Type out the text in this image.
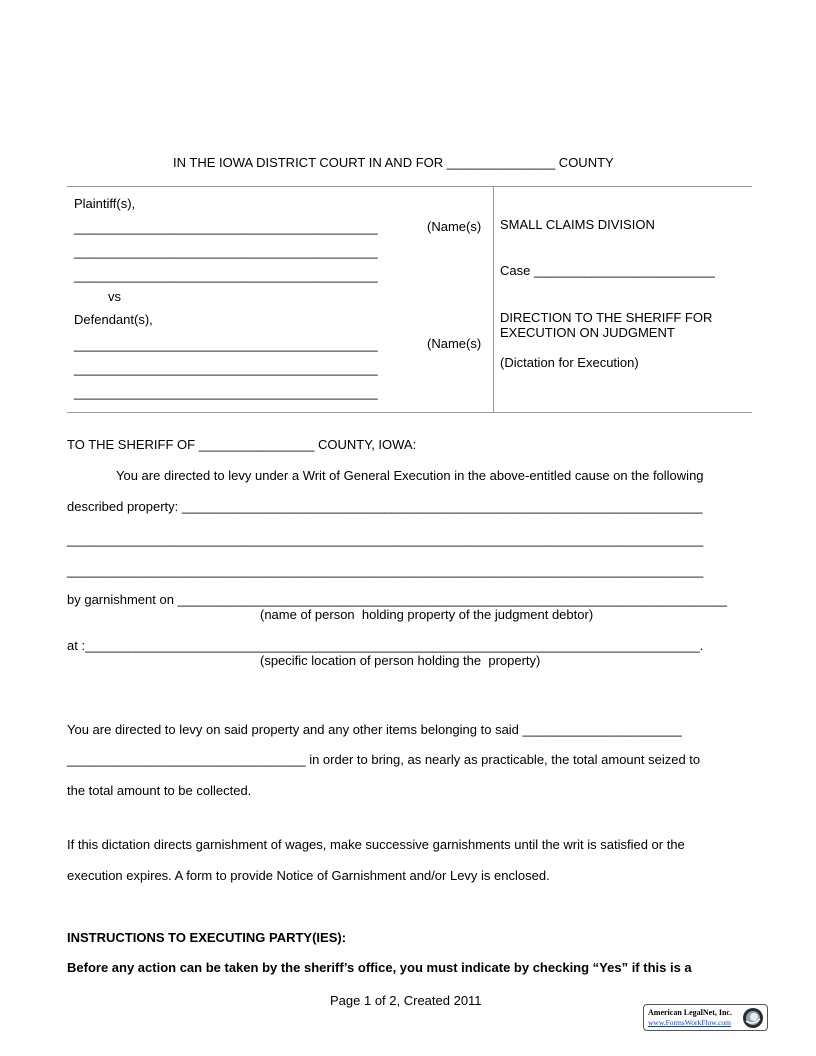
IN THE IOWA DISTRICT COURT IN AND FOR _______________ COUNTY
Plaintiff(s),
__________________________________________	(Name(s)
__________________________________________
__________________________________________
vs
Defendant(s),
__________________________________________	(Name(s)
__________________________________________
__________________________________________
SMALL CLAIMS DIVISION
Case _________________________
DIRECTION TO THE SHERIFF FOR
EXECUTION ON JUDGMENT
(Dictation for Execution)
TO THE SHERIFF OF ________________ COUNTY, IOWA:
You are directed to levy under a Writ of General Execution in the above-entitled cause on the following
described property: ________________________________________________________________________
________________________________________________________________________________________
________________________________________________________________________________________
by garnishment on ____________________________________________________________________________
(name of person  holding property of the judgment debtor)
at :_____________________________________________________________________________________.
(specific location of person holding the  property)
You are directed to levy on said property and any other items belonging to said ______________________
_________________________________ in order to bring, as nearly as practicable, the total amount seized to
the total amount to be collected.
If this dictation directs garnishment of wages, make successive garnishments until the writ is satisfied or the
execution expires. A form to provide Notice of Garnishment and/or Levy is enclosed.
INSTRUCTIONS TO EXECUTING PARTY(IES):
Before any action can be taken by the sheriff’s office, you must indicate by checking “Yes” if this is a
Page 1 of 2, Created 2011
American LegalNet, Inc.
www.FormsWorkFlow.com
